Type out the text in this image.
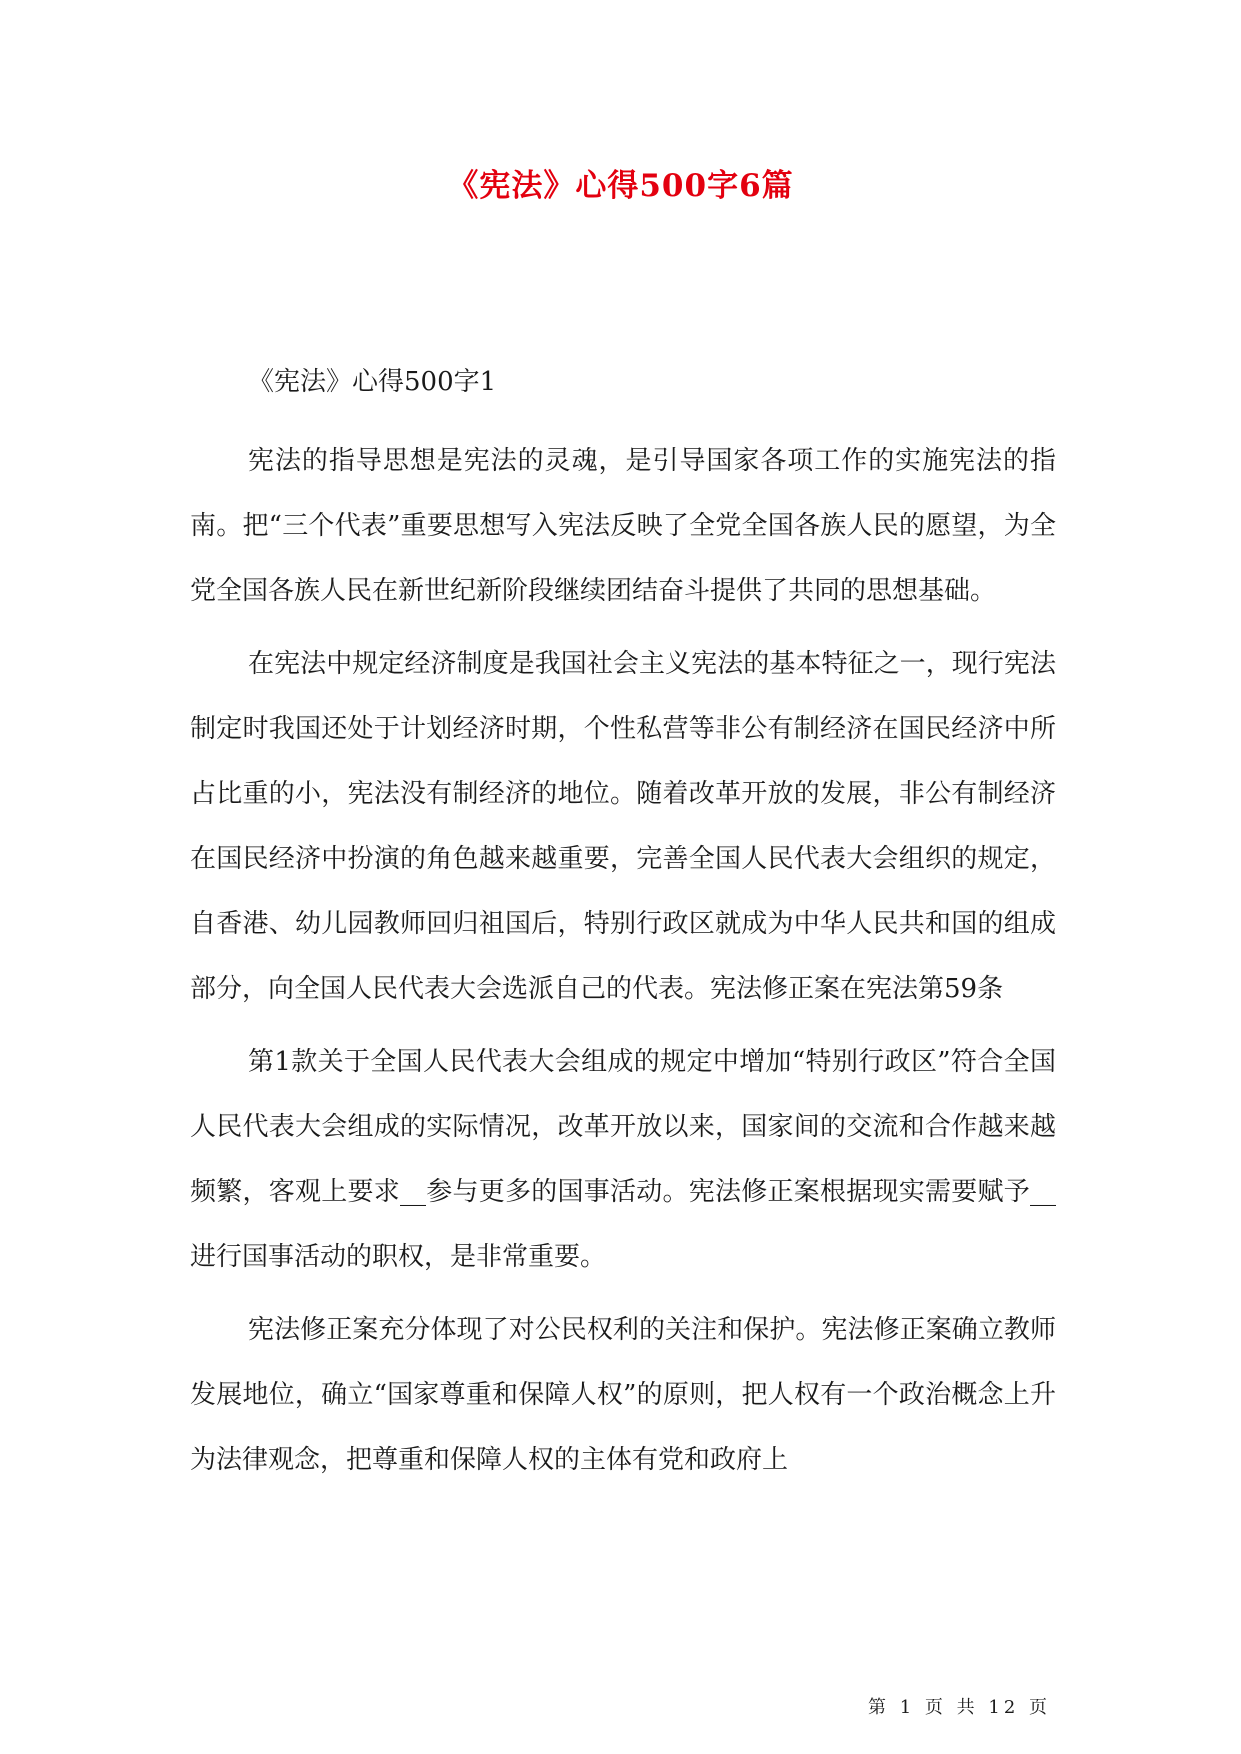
《宪法》心得500字6篇

《宪法》心得500字1

宪法的指导思想是宪法的灵魂，是引导国家各项工作的实施宪法的指南。把“三个代表”重要思想写入宪法反映了全党全国各族人民的愿望，为全党全国各族人民在新世纪新阶段继续团结奋斗提供了共同的思想基础。

在宪法中规定经济制度是我国社会主义宪法的基本特征之一，现行宪法制定时我国还处于计划经济时期，个性私营等非公有制经济在国民经济中所占比重的小，宪法没有制经济的地位。随着改革开放的发展，非公有制经济在国民经济中扮演的角色越来越重要，完善全国人民代表大会组织的规定，自香港、幼儿园教师回归祖国后，特别行政区就成为中华人民共和国的组成部分，向全国人民代表大会选派自己的代表。宪法修正案在宪法第59条

第1款关于全国人民代表大会组成的规定中增加“特别行政区”符合全国人民代表大会组成的实际情况，改革开放以来，国家间的交流和合作越来越频繁，客观上要求__参与更多的国事活动。宪法修正案根据现实需要赋予__进行国事活动的职权，是非常重要。

宪法修正案充分体现了对公民权利的关注和保护。宪法修正案确立教师发展地位，确立“国家尊重和保障人权”的原则，把人权有一个政治概念上升为法律观念，把尊重和保障人权的主体有党和政府上

第 1 页 共 12 页
